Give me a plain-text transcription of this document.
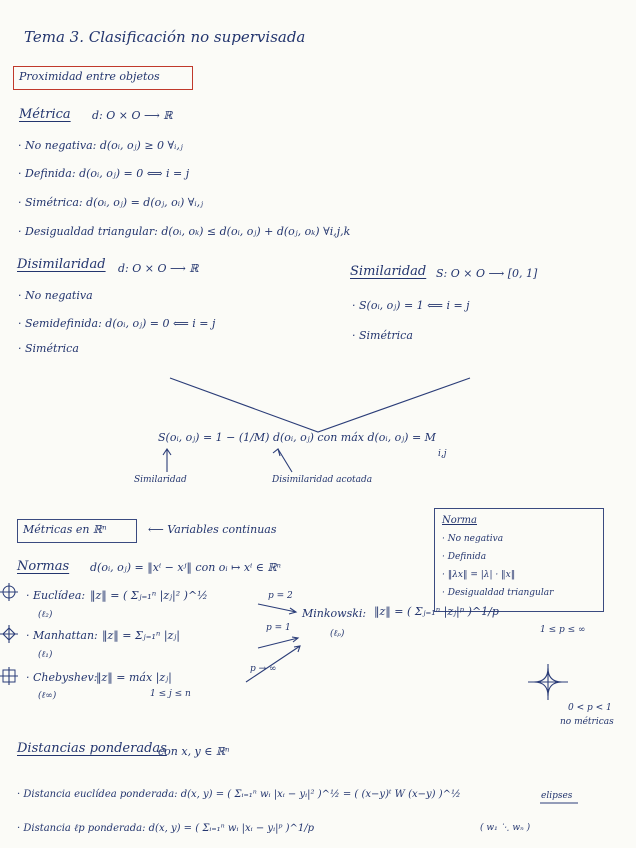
Tema 3. Clasificación no supervisada
Proximidad entre objetos
Métrica d: O × O ⟶ ℝ
· No negativa: d(oᵢ, oⱼ) ≥ 0 ∀ᵢ,ⱼ
· Definida: d(oᵢ, oⱼ) = 0 ⟺ i = j
· Simétrica: d(oᵢ, oⱼ) = d(oⱼ, oᵢ) ∀ᵢ,ⱼ
· Desigualdad triangular: d(oᵢ, oₖ) ≤ d(oᵢ, oⱼ) + d(oⱼ, oₖ) ∀i,j,k
Disimilaridad d: O × O ⟶ ℝ
· No negativa
· Semidefinida: d(oᵢ, oⱼ) = 0 ⟸ i = j
· Simétrica
Similaridad S: O × O ⟶ [0, 1]
· S(oᵢ, oⱼ) = 1 ⟸ i = j
· Simétrica
S(oᵢ, oⱼ) = 1 − (1/M) d(oᵢ, oⱼ) con máx d(oᵢ, oⱼ) = M
i,j
Similaridad	Disimilaridad acotada
Métricas en ℝⁿ	⟵ Variables continuas
Norma
· No negativa
· Definida
· ‖λx‖ = |λ| · ‖x‖
· Desigualdad triangular
Normas d(oᵢ, oⱼ) = ‖xⁱ − xʲ‖ con oᵢ ↦ xⁱ ∈ ℝⁿ
· Euclídea: ‖z‖ = ( Σⱼ₌₁ⁿ |zⱼ|² )^½
(ℓ₂)
p = 2
· Manhattan: ‖z‖ = Σⱼ₌₁ⁿ |zⱼ|
(ℓ₁)
p = 1
· Chebyshev:
‖z‖ = máx |zⱼ|
1 ≤ j ≤ n
(ℓ∞)
p → ∞
Minkowski: ‖z‖ = ( Σⱼ₌₁ⁿ |zⱼ|ᵖ )^1/p
(ℓₚ)	1 ≤ p ≤ ∞
0 < p < 1
no métricas
Distancias ponderadas
con x, y ∈ ℝⁿ
· Distancia euclídea ponderada: d(x, y) = ( Σᵢ₌₁ⁿ wᵢ |xᵢ − yᵢ|² )^½ = ( (x−y)ᵗ W (x−y) )^½	elipses
· Distancia ℓp ponderada: d(x, y) = ( Σᵢ₌₁ⁿ wᵢ |xᵢ − yᵢ|ᵖ )^1/p	( w₁ ⋱ wₙ )
